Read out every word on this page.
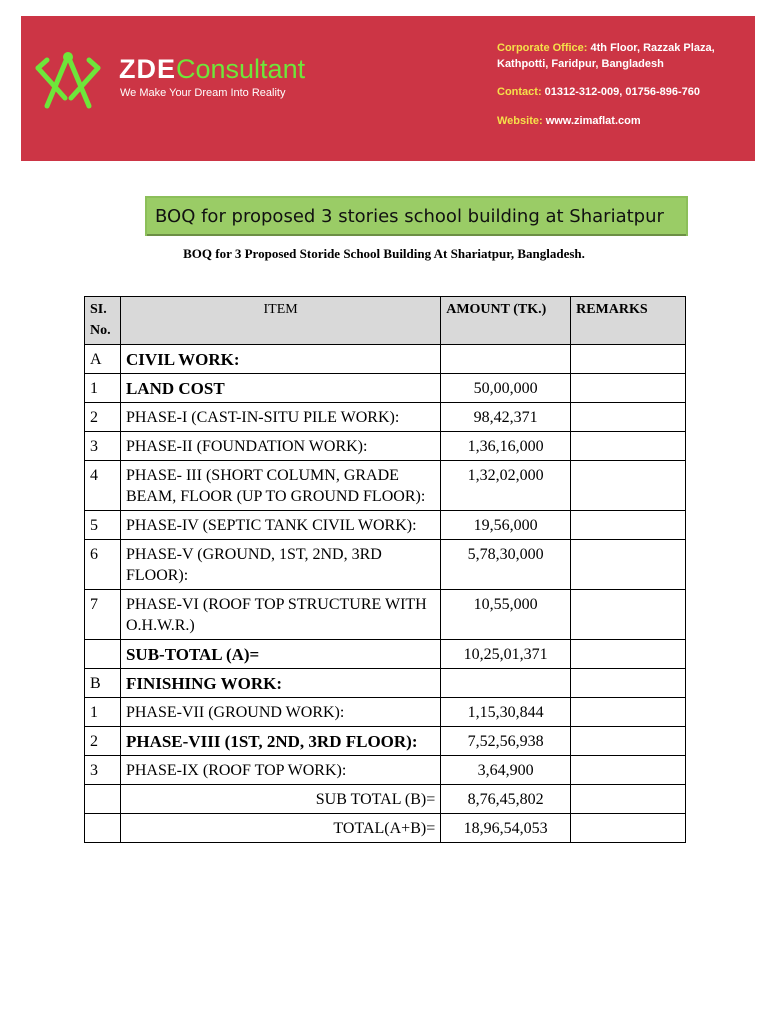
ZDEConsultant
We Make Your Dream Into Reality
Corporate Office: 4th Floor, Razzak Plaza,
Kathpotti, Faridpur, Bangladesh
Contact: 01312-312-009, 01756-896-760
Website: www.zimaflat.com
BOQ for proposed 3 stories school building at Shariatpur
BOQ for 3 Proposed Storide School Building At Shariatpur, Bangladesh.
SI.
No.	ITEM	AMOUNT (TK.)	REMARKS
A	CIVIL WORK:		
1	LAND COST	50,00,000	
2	PHASE-I (CAST-IN-SITU PILE WORK):	98,42,371	
3	PHASE-II (FOUNDATION WORK):	1,36,16,000	
4	PHASE- III (SHORT COLUMN, GRADE BEAM, FLOOR (UP TO GROUND FLOOR):	1,32,02,000	
5	PHASE-IV (SEPTIC TANK CIVIL WORK):	19,56,000	
6	PHASE-V (GROUND, 1ST, 2ND, 3RD FLOOR):	5,78,30,000	
7	PHASE-VI (ROOF TOP STRUCTURE WITH O.H.W.R.)	10,55,000	
	SUB-TOTAL (A)=	10,25,01,371	
B	FINISHING WORK:		
1	PHASE-VII (GROUND WORK):	1,15,30,844	
2	PHASE-VIII (1ST, 2ND, 3RD FLOOR):	7,52,56,938	
3	PHASE-IX (ROOF TOP WORK):	3,64,900	
	SUB TOTAL (B)=	8,76,45,802	
	TOTAL(A+B)=	18,96,54,053	
